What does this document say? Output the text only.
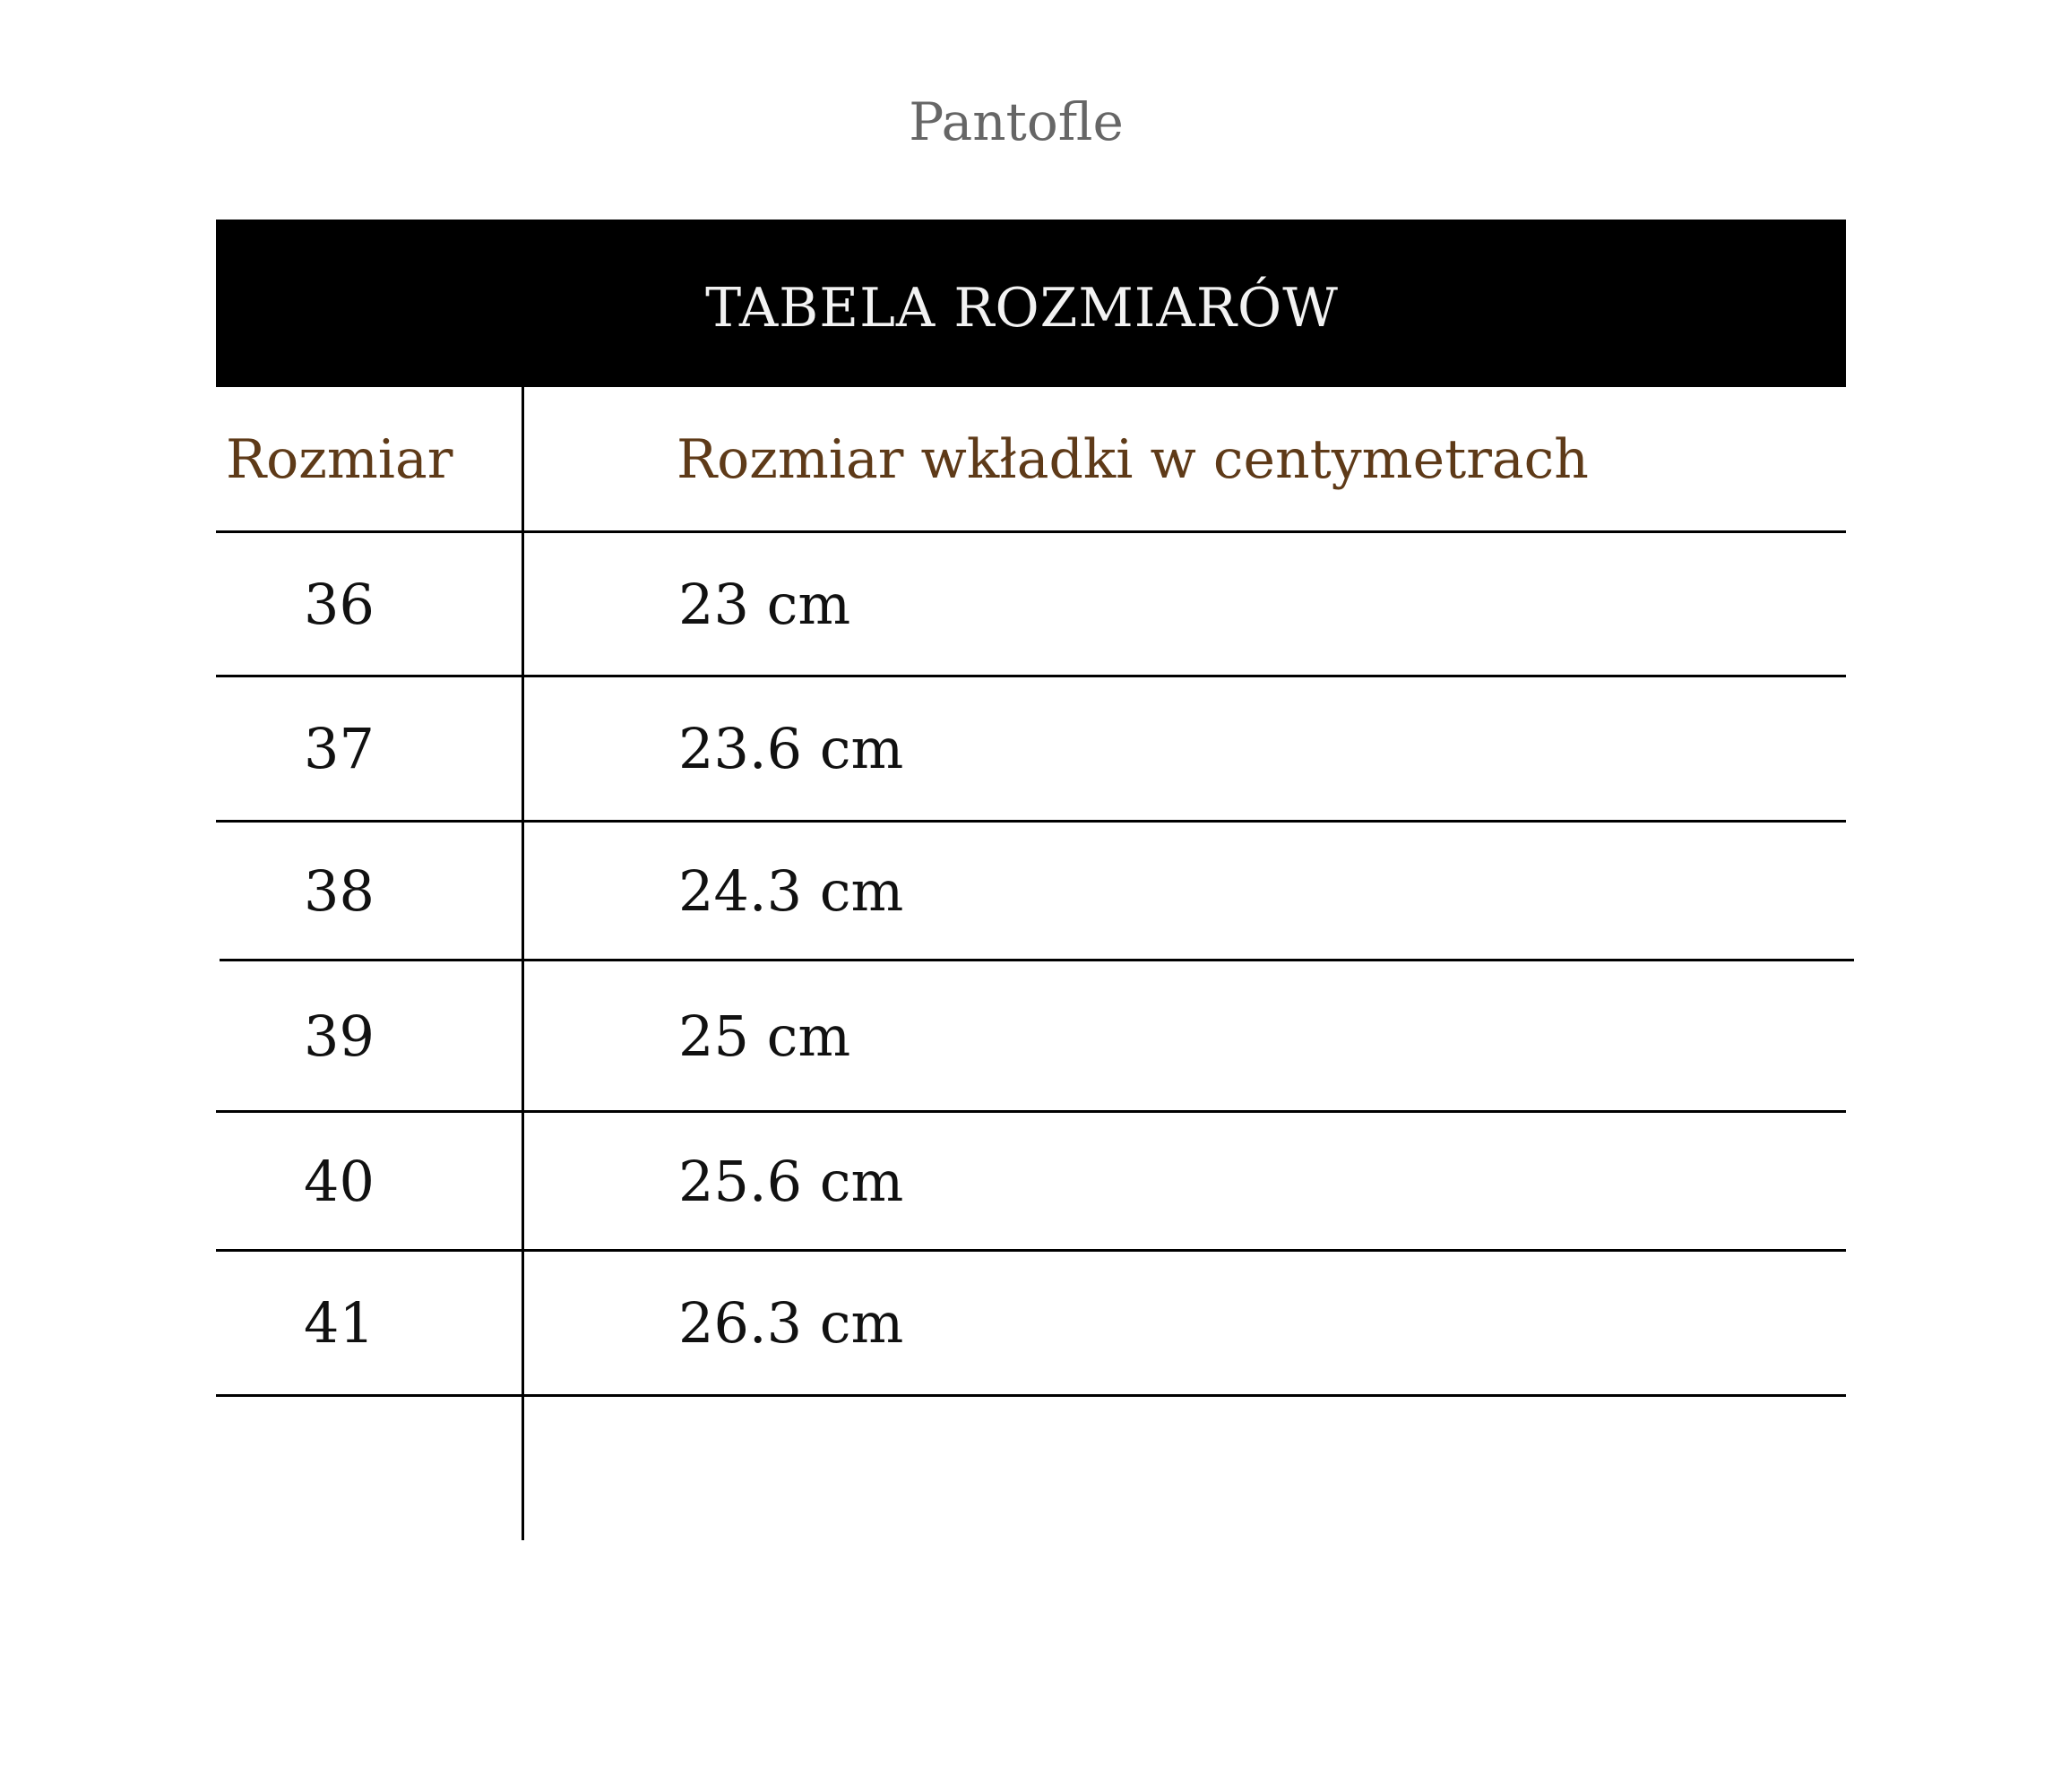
Pantofle
TABELA ROZMIARÓW
Rozmiar	Rozmiar wkładki w centymetrach
36	23 cm
37	23.6 cm
38	24.3 cm
39	25 cm
40	25.6 cm
41	26.3 cm
